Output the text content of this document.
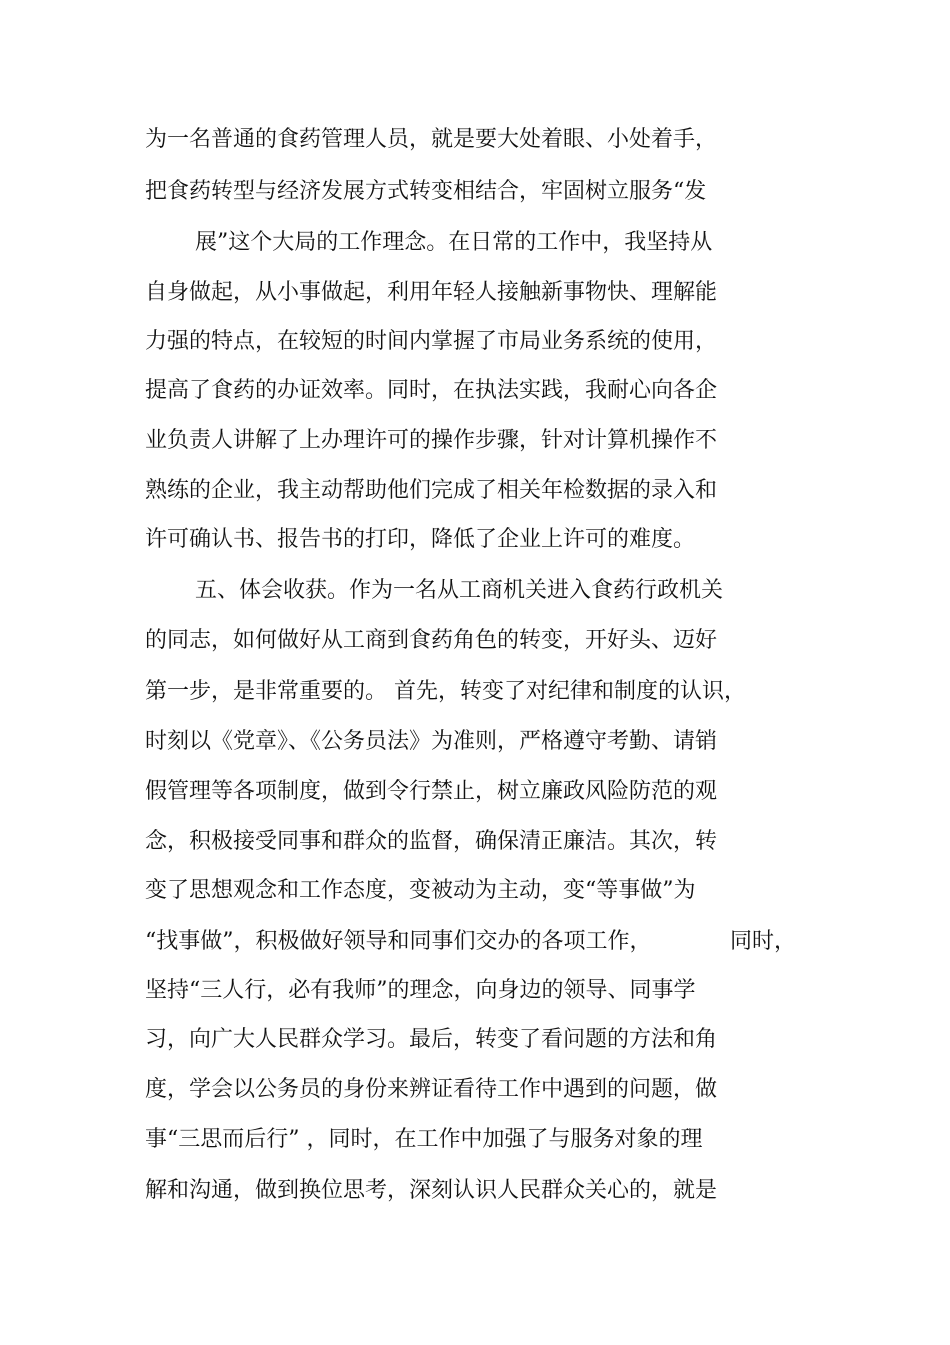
为一名普通的食药管理人员，就是要大处着眼、小处着手，
把食药转型与经济发展方式转变相结合，牢固树立服务“发
展”这个大局的工作理念。在日常的工作中，我坚持从
自身做起，从小事做起，利用年轻人接触新事物快、理解能
力强的特点，在较短的时间内掌握了市局业务系统的使用，
提高了食药的办证效率。同时，在执法实践，我耐心向各企
业负责人讲解了上办理许可的操作步骤，针对计算机操作不
熟练的企业，我主动帮助他们完成了相关年检数据的录入和
许可确认书、报告书的打印，降低了企业上许可的难度。
五、体会收获。作为一名从工商机关进入食药行政机关
的同志，如何做好从工商到食药角色的转变，开好头、迈好
第一步，是非常重要的。 首先，转变了对纪律和制度的认识，
时刻以《党章》、《公务员法》为准则，严格遵守考勤、请销
假管理等各项制度，做到令行禁止，树立廉政风险防范的观
念，积极接受同事和群众的监督，确保清正廉洁。其次，转
变了思想观念和工作态度，变被动为主动，变“等事做”为
“找事做”，积极做好领导和同事们交办的各项工作，	同时，
坚持“三人行，必有我师”的理念，向身边的领导、同事学
习，向广大人民群众学习。最后，转变了看问题的方法和角
度，学会以公务员的身份来辨证看待工作中遇到的问题，做
事“三思而后行” ，同时，在工作中加强了与服务对象的理
解和沟通，做到换位思考，深刻认识人民群众关心的，就是
